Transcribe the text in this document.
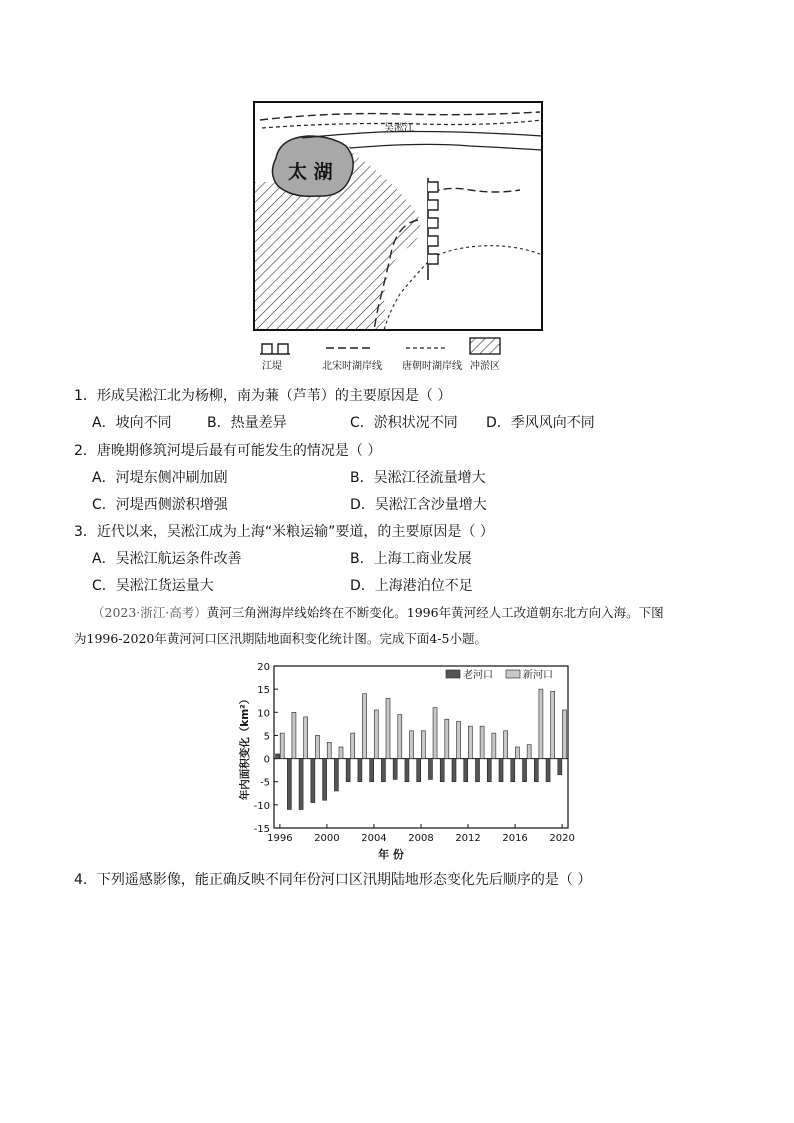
太 湖
吴淞江
江堤	北宋时湖岸线 唐朝时湖岸线 冲淤区
1．形成吴淞江北为杨柳，南为蒹（芦苇）的主要原因是（ ）
A．坡向不同	B．热量差异	C．淤积状况不同 D．季风风向不同
2．唐晚期修筑河堤后最有可能发生的情况是（ ）
A．河堤东侧冲刷加剧	B．吴淞江径流量增大
C．河堤西侧淤积增强	D．吴淞江含沙量增大
3．近代以来，吴淞江成为上海“米粮运输”要道，的主要原因是（ ）
A．吴淞江航运条件改善	B．上海工商业发展
C．吴淞江货运量大	D．上海港泊位不足
（2023·浙江·高考）黄河三角洲海岸线始终在不断变化。1996年黄河经人工改道朝东北方向入海。下图
为1996-2020年黄河河口区汛期陆地面积变化统计图。完成下面4-5小题。
20
15
10
5
0
-5
-10
-15
1996 2000 2004 2008 2012 2016 2020
年 份
年内面积变化（km²）
老河口	新河口
4．下列遥感影像，能正确反映不同年份河口区汛期陆地形态变化先后顺序的是（ ）
